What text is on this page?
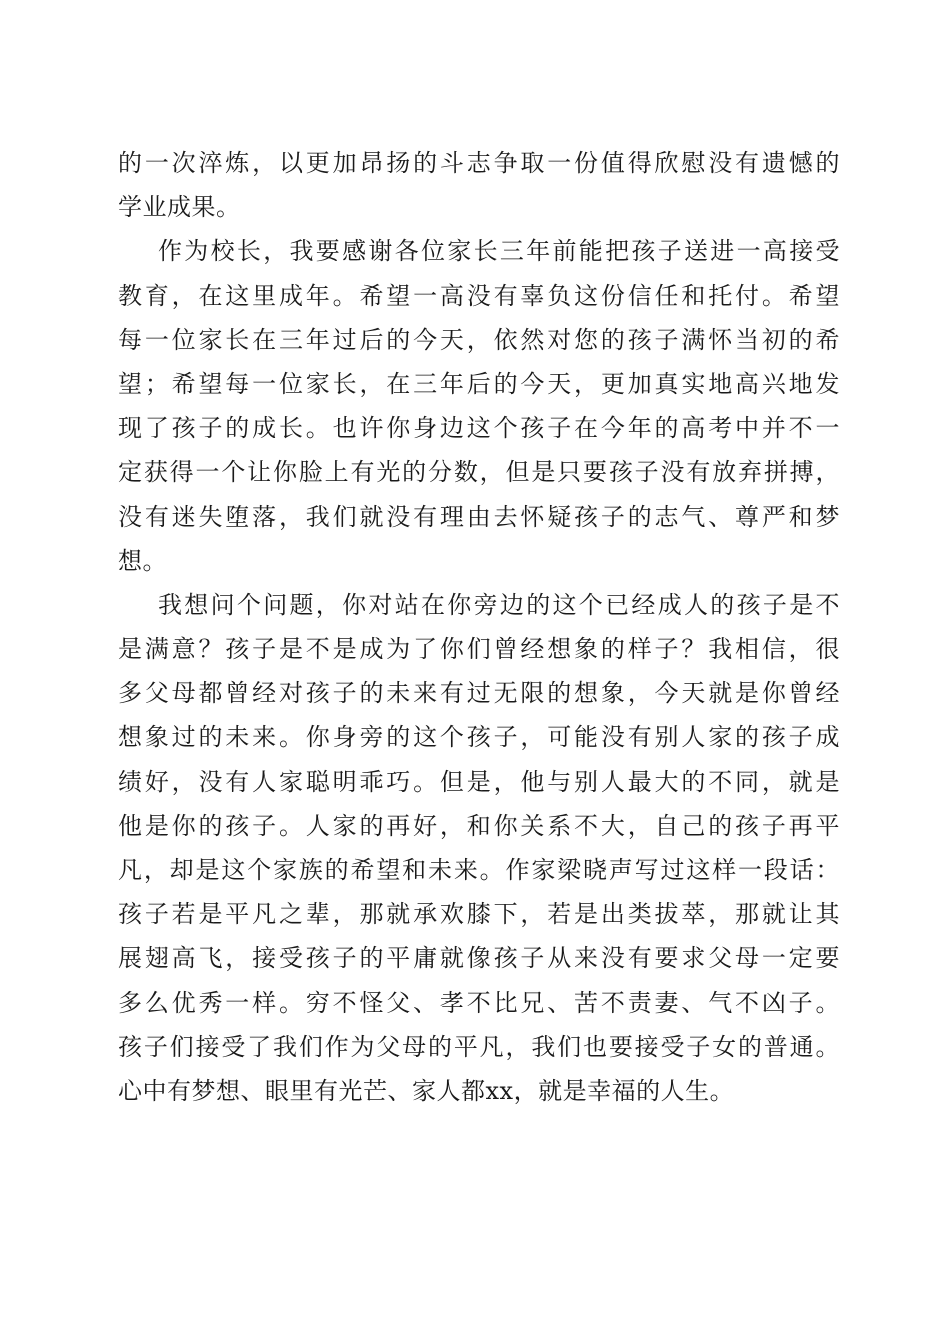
的一次淬炼，以更加昂扬的斗志争取一份值得欣慰没有遗憾的
学业成果。
作为校长，我要感谢各位家长三年前能把孩子送进一高接受
教育，在这里成年。希望一高没有辜负这份信任和托付。希望
每一位家长在三年过后的今天，依然对您的孩子满怀当初的希
望；希望每一位家长，在三年后的今天，更加真实地高兴地发
现了孩子的成长。也许你身边这个孩子在今年的高考中并不一
定获得一个让你脸上有光的分数，但是只要孩子没有放弃拼搏，
没有迷失堕落，我们就没有理由去怀疑孩子的志气、尊严和梦
想。
我想问个问题，你对站在你旁边的这个已经成人的孩子是不
是满意？孩子是不是成为了你们曾经想象的样子？我相信，很
多父母都曾经对孩子的未来有过无限的想象，今天就是你曾经
想象过的未来。你身旁的这个孩子，可能没有别人家的孩子成
绩好，没有人家聪明乖巧。但是，他与别人最大的不同，就是
他是你的孩子。人家的再好，和你关系不大，自己的孩子再平
凡，却是这个家族的希望和未来。作家梁晓声写过这样一段话：
孩子若是平凡之辈，那就承欢膝下，若是出类拔萃，那就让其
展翅高飞，接受孩子的平庸就像孩子从来没有要求父母一定要
多么优秀一样。穷不怪父、孝不比兄、苦不责妻、气不凶子。
孩子们接受了我们作为父母的平凡，我们也要接受子女的普通。
心中有梦想、眼里有光芒、家人都xx，就是幸福的人生。
